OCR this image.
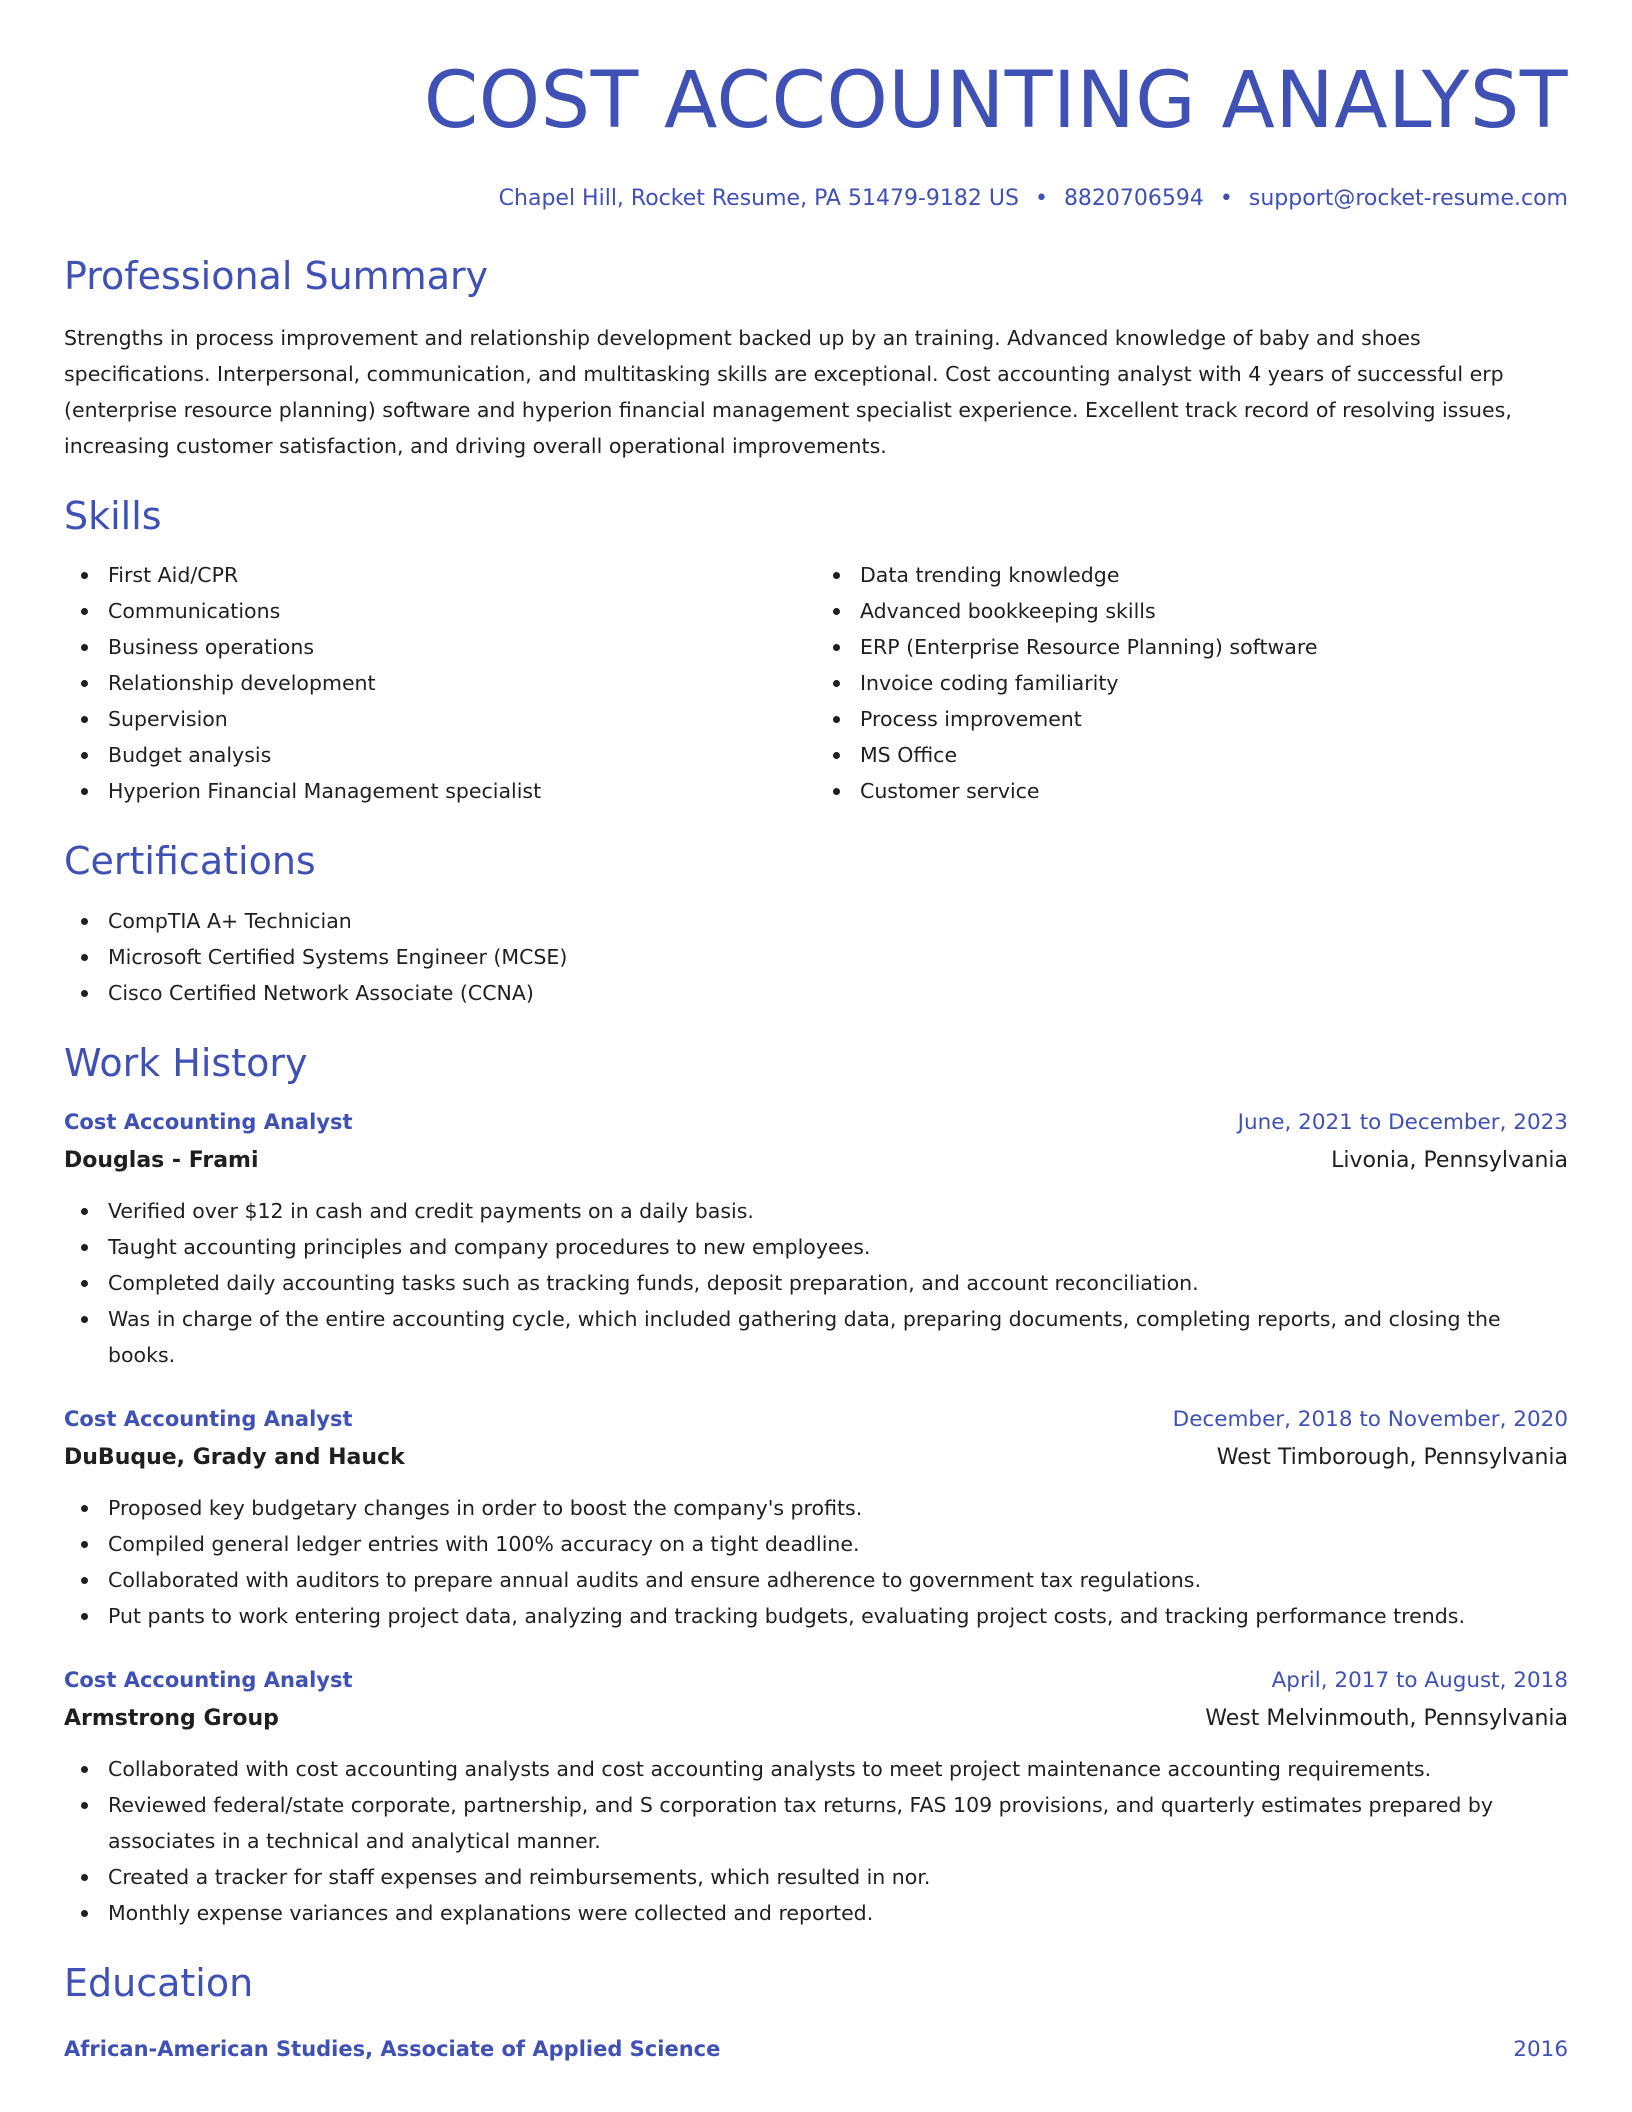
COST ACCOUNTING ANALYST
Chapel Hill, Rocket Resume, PA 51479-9182 US • 8820706594 • support@rocket-resume.com
Professional Summary

Strengths in process improvement and relationship development backed up by an training. Advanced knowledge of baby and shoes specifications. Interpersonal, communication, and multitasking skills are exceptional. Cost accounting analyst with 4 years of successful erp (enterprise resource planning) software and hyperion financial management specialist experience. Excellent track record of resolving issues, increasing customer satisfaction, and driving overall operational improvements.

Skills
First Aid/CPR
Communications
Business operations
Relationship development
Supervision
Budget analysis
Hyperion Financial Management specialist
Data trending knowledge
Advanced bookkeeping skills
ERP (Enterprise Resource Planning) software
Invoice coding familiarity
Process improvement
MS Office
Customer service
Certifications
CompTIA A+ Technician
Microsoft Certified Systems Engineer (MCSE)
Cisco Certified Network Associate (CCNA)
Work History
Cost Accounting Analyst	June, 2021 to December, 2023
Douglas - Frami	Livonia, Pennsylvania
Verified over $12 in cash and credit payments on a daily basis.
Taught accounting principles and company procedures to new employees.
Completed daily accounting tasks such as tracking funds, deposit preparation, and account reconciliation.
Was in charge of the entire accounting cycle, which included gathering data, preparing documents, completing reports, and closing the books.
Cost Accounting Analyst	December, 2018 to November, 2020
DuBuque, Grady and Hauck	West Timborough, Pennsylvania
Proposed key budgetary changes in order to boost the company's profits.
Compiled general ledger entries with 100% accuracy on a tight deadline.
Collaborated with auditors to prepare annual audits and ensure adherence to government tax regulations.
Put pants to work entering project data, analyzing and tracking budgets, evaluating project costs, and tracking performance trends.
Cost Accounting Analyst	April, 2017 to August, 2018
Armstrong Group	West Melvinmouth, Pennsylvania
Collaborated with cost accounting analysts and cost accounting analysts to meet project maintenance accounting requirements.
Reviewed federal/state corporate, partnership, and S corporation tax returns, FAS 109 provisions, and quarterly estimates prepared by associates in a technical and analytical manner.
Created a tracker for staff expenses and reimbursements, which resulted in nor.
Monthly expense variances and explanations were collected and reported.
Education
African-American Studies, Associate of Applied Science	2016
